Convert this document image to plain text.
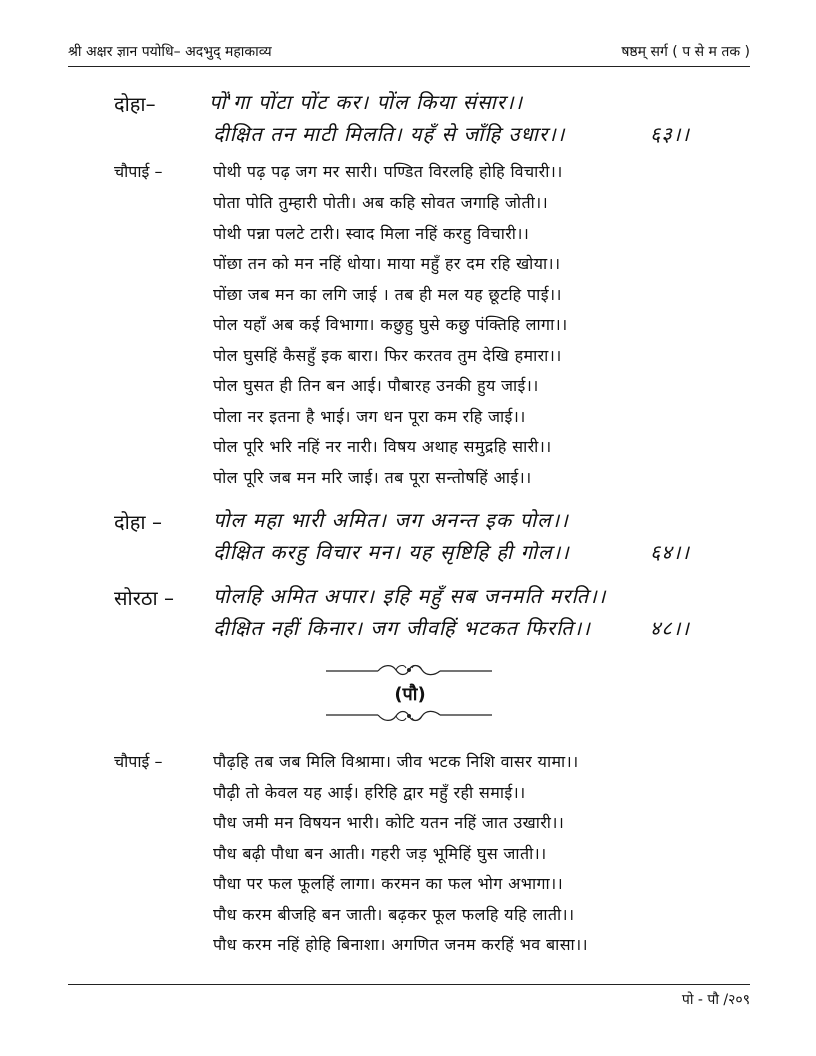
श्री अक्षर ज्ञान पयोधि– अदभुद् महाकाव्य	षष्ठम् सर्ग ( प से म तक )
दोहा–	पों'गा पोंटा पोंट कर। पोंल किया संसार।।
दीक्षित तन माटी मिलति। यहँ से जाँहि उधार।।	६३।।
चौपाई –	पोथी पढ़ पढ़ जग मर सारी। पण्डित विरलहि होहि विचारी।।
पोता पोति तुम्हारी पोती। अब कहि सोवत जगाहि जोती।।
पोथी पन्ना पलटे टारी। स्वाद मिला नहिं करहु विचारी।।
पोंछा तन को मन नहिं धोया। माया महुँ हर दम रहि खोया।।
पोंछा जब मन का लगि जाई । तब ही मल यह छूटहि पाई।।
पोल यहाँ अब कई विभागा। कछुहु घुसे कछु पंक्तिहि लागा।।
पोल घुसहिं कैसहुँ इक बारा। फिर करतव तुम देखि हमारा।।
पोल घुसत ही तिन बन आई। पौबारह उनकी हुय जाई।।
पोला नर इतना है भाई। जग धन पूरा कम रहि जाई।।
पोल पूरि भरि नहिं नर नारी। विषय अथाह समुद्रहि सारी।।
पोल पूरि जब मन मरि जाई। तब पूरा सन्तोषहिं आई।।
दोहा –	पोल महा भारी अमित। जग अनन्त इक पोल।।
दीक्षित करहु विचार मन। यह सृष्टिहि ही गोल।।	६४।।
सोरठा – पोलहि अमित अपार। इहि महुँ सब जनमति मरति।।
दीक्षित नहीं किनार। जग जीवहिं भटकत फिरति।।	४८।।
(पौ)
चौपाई –	पौढ़हि तब जब मिलि विश्रामा। जीव भटक निशि वासर यामा।।
पौढ़ी तो केवल यह आई। हरिहि द्वार महुँ रही समाई।।
पौध जमी मन विषयन भारी। कोटि यतन नहिं जात उखारी।।
पौध बढ़ी पौधा बन आती। गहरी जड़ भूमिहिं घुस जाती।।
पौधा पर फल फूलहिं लागा। करमन का फल भोग अभागा।।
पौध करम बीजहि बन जाती। बढ़कर फूल फलहि यहि लाती।।
पौध करम नहिं होहि बिनाशा। अगणित जनम करहिं भव बासा।।
पो - पौ /२०९
